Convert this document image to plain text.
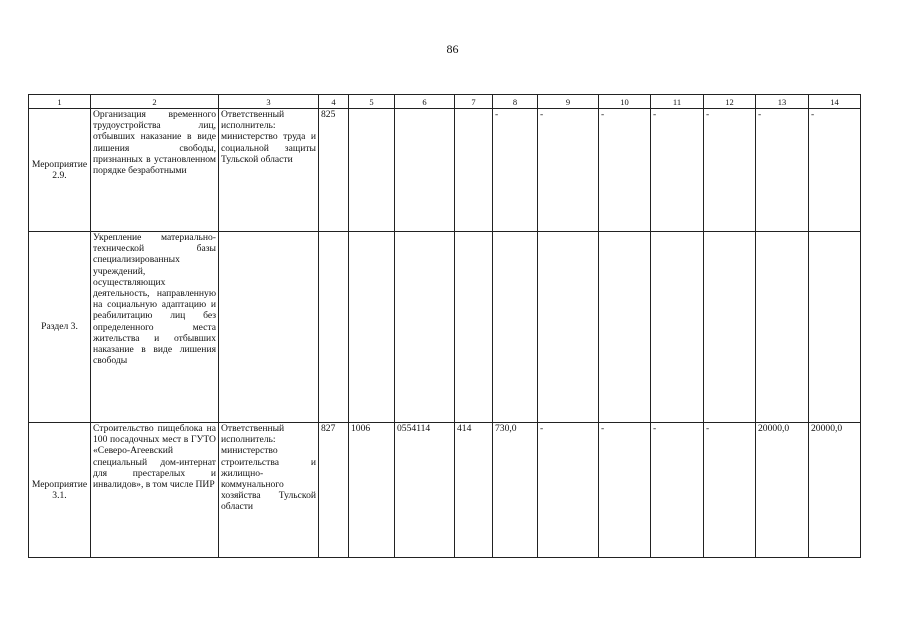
86
1	2	3	4	5	6	7	8	9	10	11	12	13	14
Мероприятие 2.9.	Организация временного трудоустройства лиц, отбывших наказание в виде лишения свободы, признанных в установленном порядке безработными	Ответственный исполнитель: министерство труда и социальной защиты Тульской области	825				-	-	-	-	-	-	-
Раздел 3.	Укрепление материально-технической базы специализированных учреждений, осуществляющих деятельность, направленную на социальную адаптацию и реабилитацию лиц без определенного места жительства и отбывших наказание в виде лишения свободы												
Мероприятие 3.1.	Строительство пищеблока на 100 посадочных мест в ГУТО «Северо-Агеевский специальный дом-интернат для престарелых и инвалидов», в том числе ПИР	Ответственный исполнитель: министерство строительства и жилищно-коммунального хозяйства Тульской области	827	1006	0554114	414	730,0	-	-	-	-	20000,0	20000,0
